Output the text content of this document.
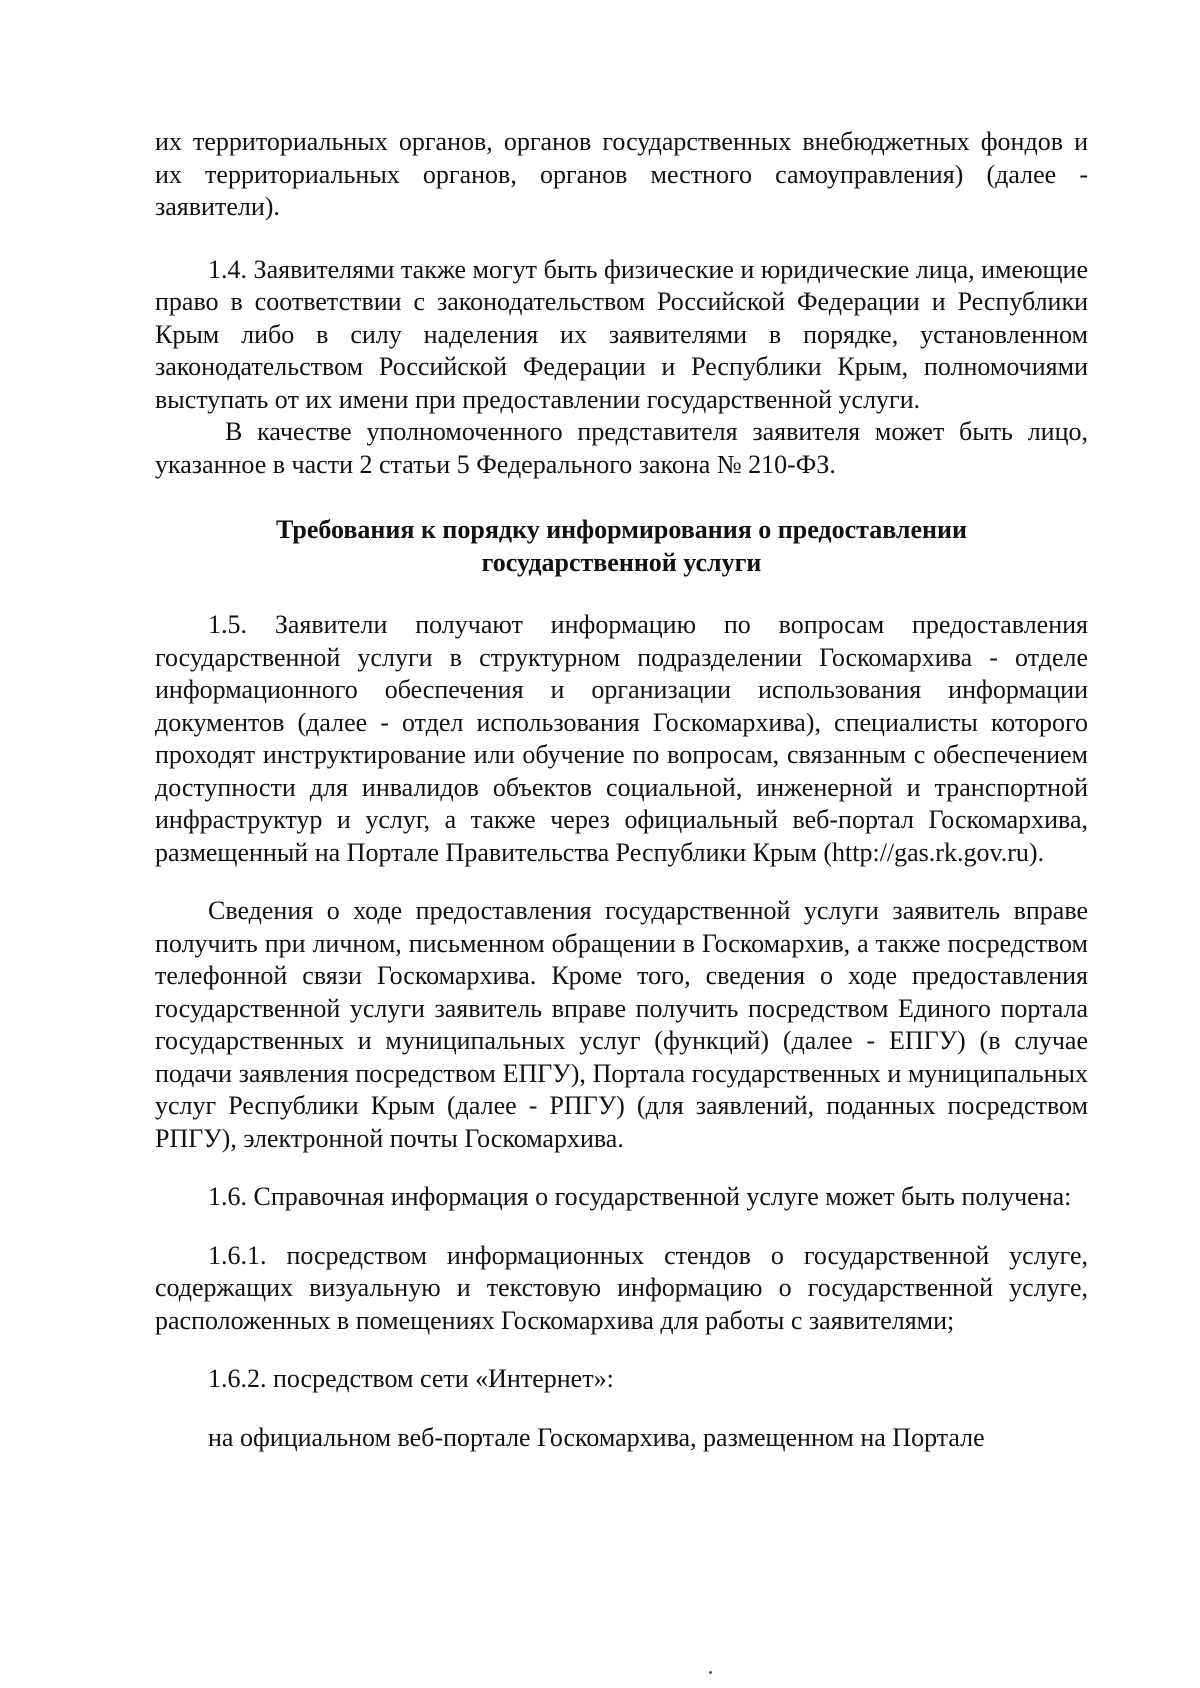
их территориальных органов, органов государственных внебюджетных фондов и их территориальных органов, органов местного самоуправления) (далее - заявители).

1.4. Заявителями также могут быть физические и юридические лица, имеющие право в соответствии с законодательством Российской Федерации и Республики Крым либо в силу наделения их заявителями в порядке, установленном законодательством Российской Федерации и Республики Крым, полномочиями выступать от их имени при предоставлении государственной услуги.

В качестве уполномоченного представителя заявителя может быть лицо, указанное в части 2 статьи 5 Федерального закона № 210-ФЗ.

Требования к порядку информирования о предоставлении
государственной услуги

1.5. Заявители получают информацию по вопросам предоставления государственной услуги в структурном подразделении Госкомархива - отделе информационного обеспечения и организации использования информации документов (далее - отдел использования Госкомархива), специалисты которого проходят инструктирование или обучение по вопросам, связанным с обеспечением доступности для инвалидов объектов социальной, инженерной и транспортной инфраструктур и услуг, а также через официальный веб-портал Госкомархива, размещенный на Портале Правительства Республики Крым (http://gas.rk.gov.ru).

Сведения о ходе предоставления государственной услуги заявитель вправе получить при личном, письменном обращении в Госкомархив, а также посредством телефонной связи Госкомархива. Кроме того, сведения о ходе предоставления государственной услуги заявитель вправе получить посредством Единого портала государственных и муниципальных услуг (функций) (далее - ЕПГУ) (в случае подачи заявления посредством ЕПГУ), Портала государственных и муниципальных услуг Республики Крым (далее - РПГУ) (для заявлений, поданных посредством РПГУ), электронной почты Госкомархива.

1.6. Справочная информация о государственной услуге может быть получена:

1.6.1. посредством информационных стендов о государственной услуге, содержащих визуальную и текстовую информацию о государственной услуге, расположенных в помещениях Госкомархива для работы с заявителями;

1.6.2. посредством сети «Интернет»:

на официальном веб-портале Госкомархива, размещенном на Портале
